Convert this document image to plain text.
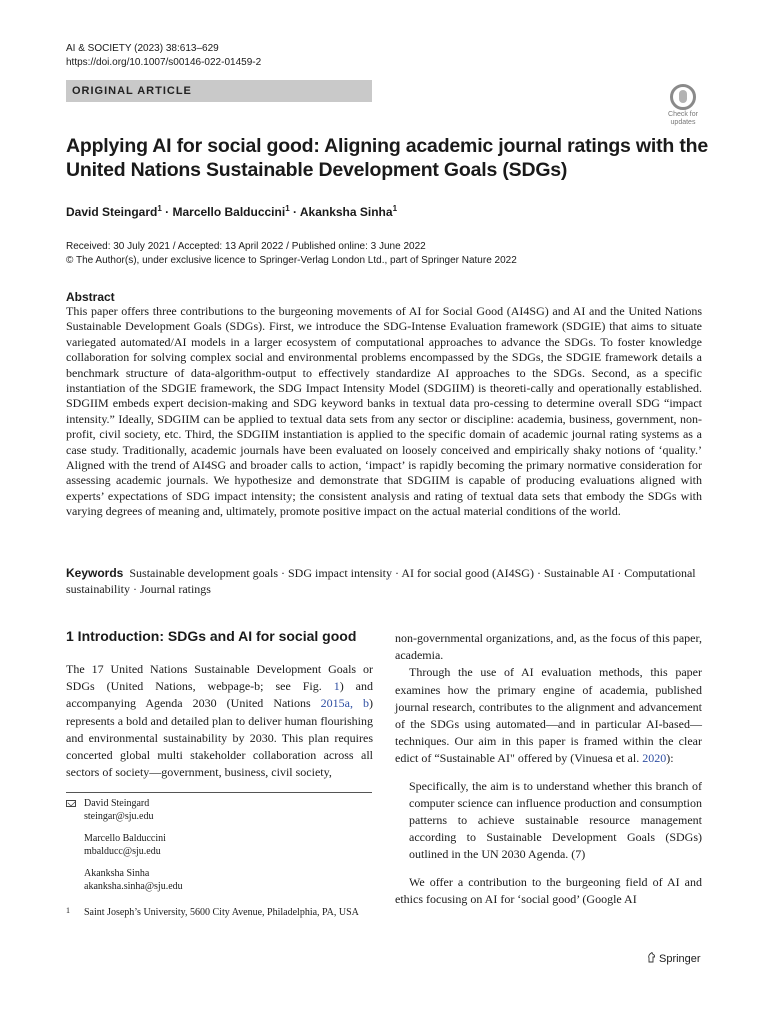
AI & SOCIETY (2023) 38:613–629
https://doi.org/10.1007/s00146-022-01459-2
ORIGINAL ARTICLE
Check for
updates
Applying AI for social good: Aligning academic journal ratings with the United Nations Sustainable Development Goals (SDGs)
David Steingard$^1$ · Marcello Balduccini$^1$ · Akanksha Sinha$^1$
Received: 30 July 2021 / Accepted: 13 April 2022 / Published online: 3 June 2022
© The Author(s), under exclusive licence to Springer-Verlag London Ltd., part of Springer Nature 2022
Abstract
This paper offers three contributions to the burgeoning movements of AI for Social Good (AI4SG) and AI and the United Nations Sustainable Development Goals (SDGs). First, we introduce the SDG-Intense Evaluation framework (SDGIE) that aims to situate variegated automated/AI models in a larger ecosystem of computational approaches to advance the SDGs. To foster knowledge collaboration for solving complex social and environmental problems encompassed by the SDGs, the SDGIE framework details a benchmark structure of data-algorithm-output to effectively standardize AI approaches to the SDGs. Second, as a specific instantiation of the SDGIE framework, the SDG Impact Intensity Model (SDGIIM) is theoreti-cally and operationally established. SDGIIM embeds expert decision-making and SDG keyword banks in textual data pro-cessing to determine overall SDG “impact intensity.” Ideally, SDGIIM can be applied to textual data sets from any sector or discipline: academia, business, government, non-profit, civil society, etc. Third, the SDGIIM instantiation is applied to the specific domain of academic journal rating systems as a case study. Traditionally, academic journals have been evaluated on loosely conceived and empirically shaky notions of ‘quality.’ Aligned with the trend of AI4SG and broader calls to action, ‘impact’ is rapidly becoming the primary normative consideration for assessing academic journals. We hypothesize and demonstrate that SDGIIM is capable of producing evaluations aligned with experts’ expectations of SDG impact intensity; the consistent analysis and rating of textual data sets that embody the SDGs with varying degrees of meaning and, ultimately, promote positive impact on the actual material conditions of the world.
Keywords Sustainable development goals · SDG impact intensity · AI for social good (AI4SG) · Sustainable AI · Computational sustainability · Journal ratings
1 Introduction: SDGs and AI for social good

The 17 United Nations Sustainable Development Goals or SDGs (United Nations, webpage-b; see Fig. 1) and accompanying Agenda 2030 (United Nations 2015a, b) represents a bold and detailed plan to deliver human flourishing and environmental sustainability by 2030. This plan requires concerted global multi stakeholder collaboration across all sectors of society—government, business, civil society,

non-governmental organizations, and, as the focus of this paper, academia.

Through the use of AI evaluation methods, this paper examines how the primary engine of academia, published journal research, contributes to the alignment and advancement of the SDGs using automated—and in particular AI-based—techniques. Our aim in this paper is framed within the clear edict of “Sustainable AI" offered by (Vinuesa et al. 2020):

Specifically, the aim is to understand whether this branch of computer science can influence production and consumption patterns to achieve sustainable resource management according to Sustainable Development Goals (SDGs) outlined in the UN 2030 Agenda. (7)

We offer a contribution to the burgeoning field of AI and ethics focusing on AI for ‘social good’ (Google AI

David Steingard
steingar@sju.edu
Marcello Balduccini
mbalducc@sju.edu
Akanksha Sinha
akanksha.sinha@sju.edu
1 Saint Joseph’s University, 5600 City Avenue, Philadelphia, PA, USA
Springer
